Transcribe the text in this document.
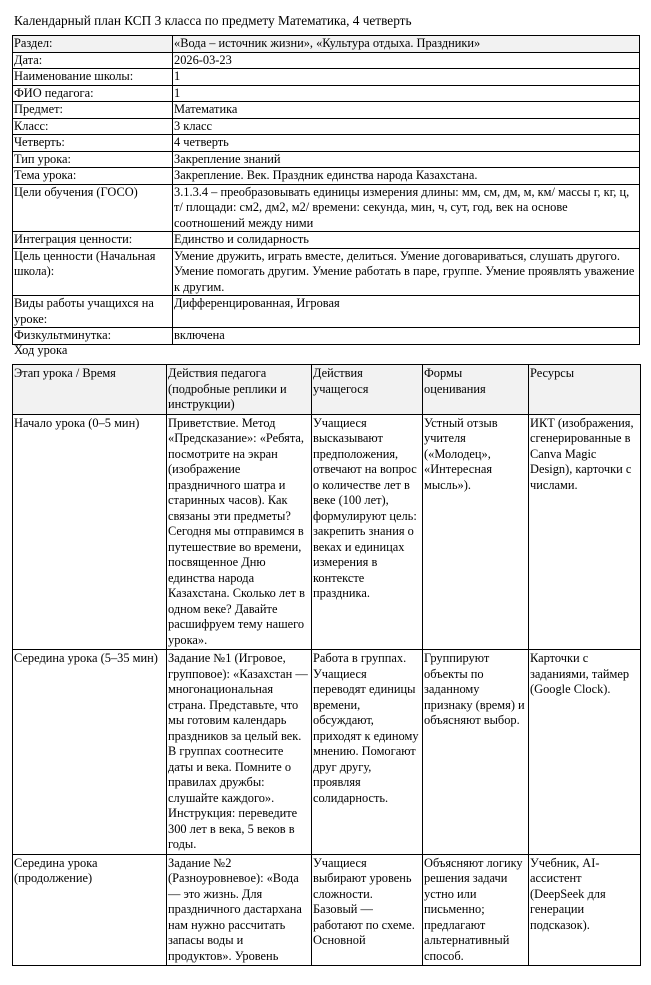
Календарный план КСП 3 класса по предмету Математика, 4 четверть
Раздел:	«Вода – источник жизни», «Культура отдыха. Праздники»
Дата:	2026-03-23
Наименование школы:	1
ФИО педагога:	1
Предмет:	Математика
Класс:	3 класс
Четверть:	4 четверть
Тип урока:	Закрепление знаний
Тема урока:	Закрепление. Век. Праздник единства народа Казахстана.
Цели обучения (ГОСО)	3.1.3.4 – преобразовывать единицы измерения длины: мм, см, дм, м, км/ массы г, кг, ц, т/ площади: см2, дм2, м2/ времени: секунда, мин, ч, сут, год, век на основе соотношений между ними
Интеграция ценности:	Единство и солидарность
Цель ценности (Начальная школа):	Умение дружить, играть вместе, делиться. Умение договариваться, слушать другого. Умение помогать другим. Умение работать в паре, группе. Умение проявлять уважение к другим.
Виды работы учащихся на уроке:	Дифференцированная, Игровая
Физкультминутка:	включена
Ход урока
Этап урока / Время	Действия педагога (подробные реплики и инструкции)	Действия учащегося	Формы оценивания	Ресурсы
Начало урока (0–5 мин)	Приветствие. Метод «Предсказание»: «Ребята, посмотрите на экран (изображение праздничного шатра и старинных часов). Как связаны эти предметы? Сегодня мы отправимся в путешествие во времени, посвященное Дню единства народа Казахстана. Сколько лет в одном веке? Давайте расшифруем тему нашего урока».	Учащиеся высказывают предположения, отвечают на вопрос о количестве лет в веке (100 лет), формулируют цель: закрепить знания о веках и единицах измерения в контексте праздника.	Устный отзыв учителя («Молодец», «Интересная мысль»).	ИКТ (изображения, сгенерированные в Canva Magic Design), карточки с числами.
Середина урока (5–35 мин)	Задание №1 (Игровое, групповое): «Казахстан — многонациональная страна. Представьте, что мы готовим календарь праздников за целый век. В группах соотнесите даты и века. Помните о правилах дружбы: слушайте каждого». Инструкция: переведите 300 лет в века, 5 веков в годы.	Работа в группах. Учащиеся переводят единицы времени, обсуждают, приходят к единому мнению. Помогают друг другу, проявляя солидарность.	Группируют объекты по заданному признаку (время) и объясняют выбор.	Карточки с заданиями, таймер (Google Clock).
Середина урока (продолжение)	Задание №2 (Разноуровневое): «Вода — это жизнь. Для праздничного дастархана нам нужно рассчитать запасы воды и продуктов». Уровень	Учащиеся выбирают уровень сложности. Базовый — работают по схеме. Основной	Объясняют логику решения задачи устно или письменно; предлагают альтернативный способ.	Учебник, AI-ассистент (DeepSeek для генерации подсказок).
